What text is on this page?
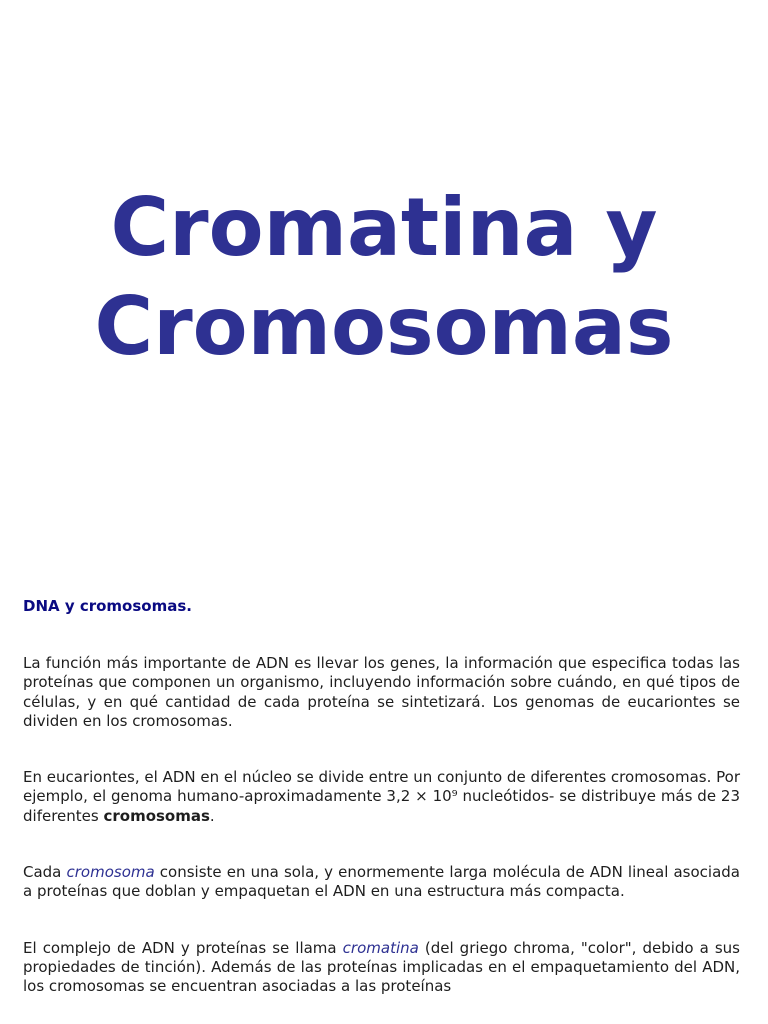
Cromatina y
Cromosomas

DNA y cromosomas.

La función más importante de ADN es llevar los genes, la información que especifica todas las proteínas que componen un organismo, incluyendo información sobre cuándo, en qué tipos de células, y en qué cantidad de cada proteína se sintetizará. Los genomas de eucariontes se dividen en los cromosomas.

En eucariontes, el ADN en el núcleo se divide entre un conjunto de diferentes cromosomas. Por ejemplo, el genoma humano-aproximadamente 3,2 × 10⁹ nucleótidos- se distribuye más de 23 diferentes cromosomas.

Cada cromosoma consiste en una sola, y enormemente larga molécula de ADN lineal asociada a proteínas que doblan y empaquetan el ADN en una estructura más compacta.

El complejo de ADN y proteínas se llama cromatina (del griego chroma, "color", debido a sus propiedades de tinción). Además de las proteínas implicadas en el empaquetamiento del ADN, los cromosomas se encuentran asociadas a las proteínas
